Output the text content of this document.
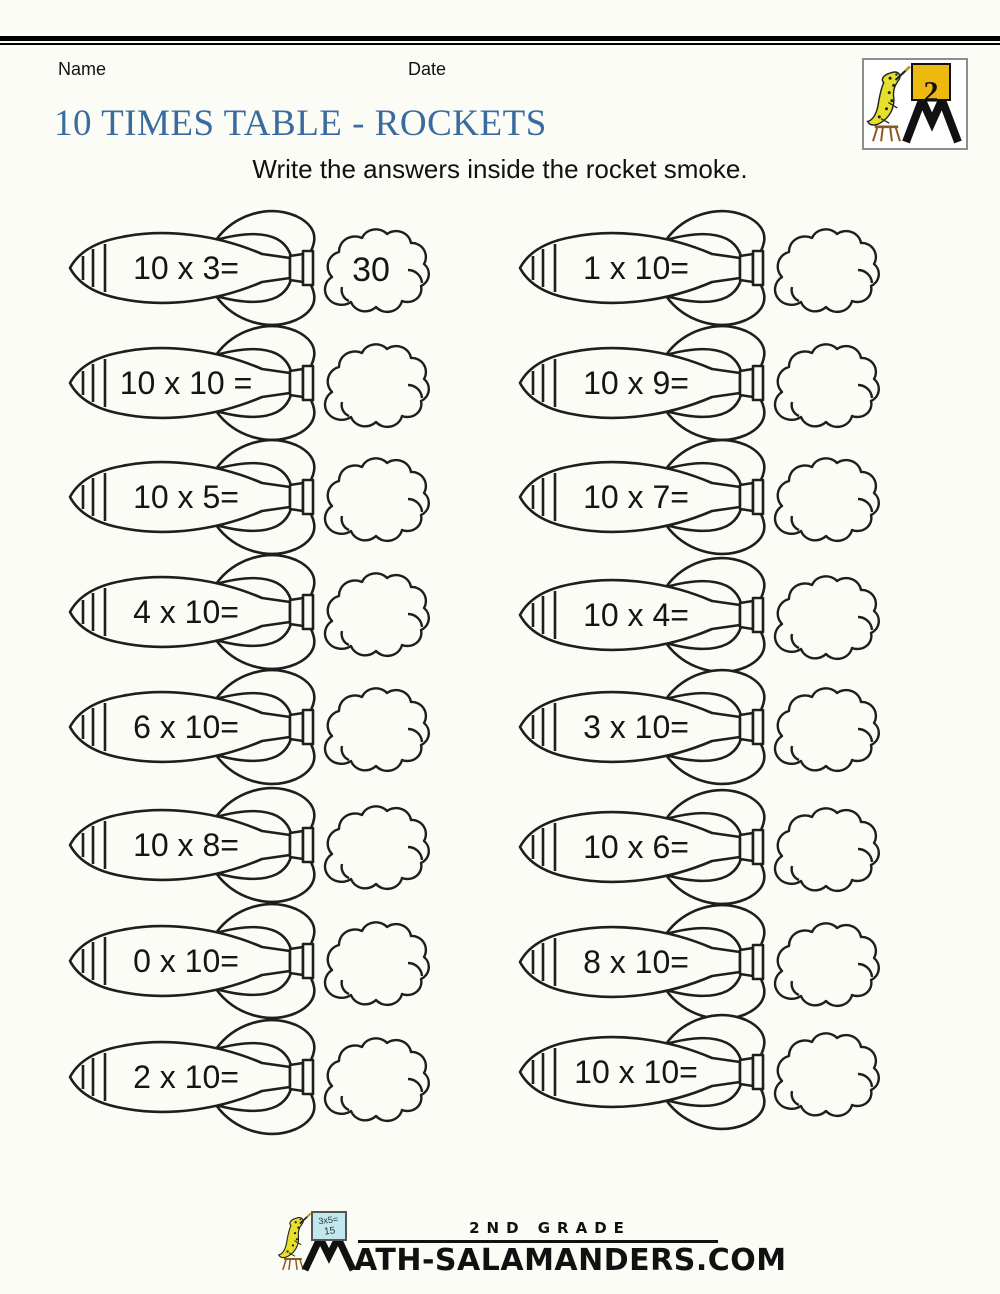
Name	Date
2
10 TIMES TABLE - ROCKETS
Write the answers inside the rocket smoke.
10 x 3=	30
10 x 10 =
10 x 5=
4 x 10=
6 x 10=
10 x 8=
0 x 10=
2 x 10=
1 x 10=
10 x 9=
10 x 7=
10 x 4=
3 x 10=
10 x 6=
8 x 10=
10 x 10=
3x5=
15	2ND GRADE
ATH-SALAMANDERS.COM
